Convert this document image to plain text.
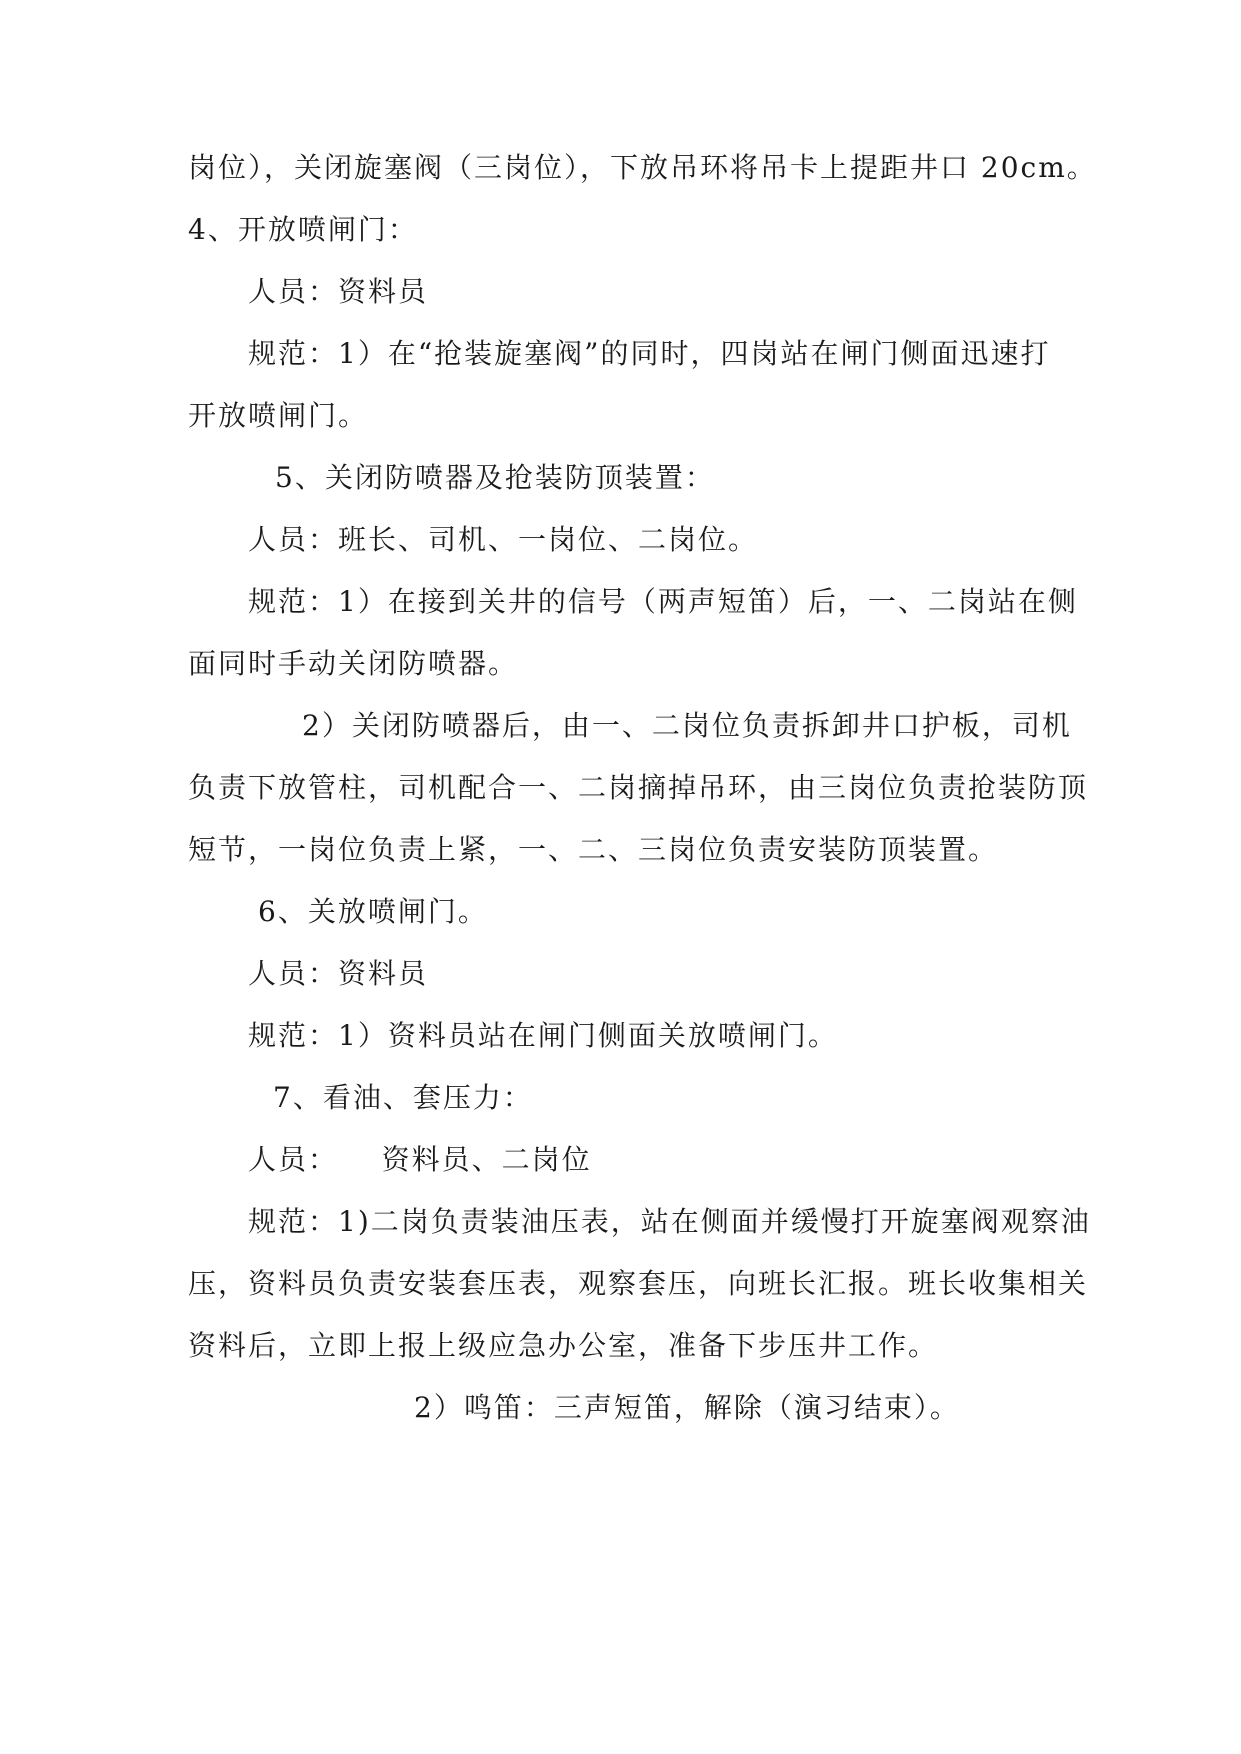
岗位），关闭旋塞阀（三岗位），下放吊环将吊卡上提距井口 20cm。
4、开放喷闸门：
人员：资料员
规范：1）在“抢装旋塞阀”的同时，四岗站在闸门侧面迅速打
开放喷闸门。
5、关闭防喷器及抢装防顶装置：
人员：班长、司机、一岗位、二岗位。
规范：1）在接到关井的信号（两声短笛）后，一、二岗站在侧
面同时手动关闭防喷器。
2）关闭防喷器后，由一、二岗位负责拆卸井口护板，司机
负责下放管柱，司机配合一、二岗摘掉吊环，由三岗位负责抢装防顶
短节，一岗位负责上紧，一、二、三岗位负责安装防顶装置。
6、关放喷闸门。
人员：资料员
规范：1）资料员站在闸门侧面关放喷闸门。
7、看油、套压力：
人员：    资料员、二岗位
规范：1)二岗负责装油压表，站在侧面并缓慢打开旋塞阀观察油
压，资料员负责安装套压表，观察套压，向班长汇报。班长收集相关
资料后，立即上报上级应急办公室，准备下步压井工作。
2）鸣笛：三声短笛，解除（演习结束）。
